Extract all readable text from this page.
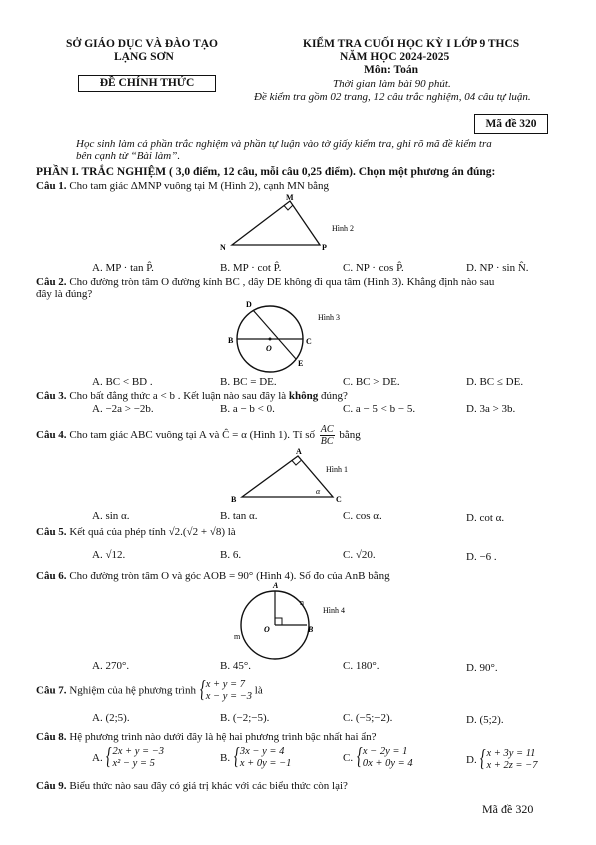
SỞ GIÁO DỤC VÀ ĐÀO TẠO
LẠNG SƠN
ĐỀ CHÍNH THỨC
KIỂM TRA CUỐI HỌC KỲ I LỚP 9 THCS
NĂM HỌC 2024-2025
Môn: Toán
Thời gian làm bài 90 phút.
Đề kiểm tra gồm 02 trang, 12 câu trắc nghiệm, 04 câu tự luận.
Mã đề 320
Học sinh làm cả phần trắc nghiệm và phần tự luận vào tờ giấy kiểm tra, ghi rõ mã đề kiểm tra
bên cạnh từ “Bài làm”.
PHẦN I. TRẮC NGHIỆM ( 3,0 điểm, 12 câu, mỗi câu 0,25 điểm). Chọn một phương án đúng:
Câu 1. Cho tam giác ΔMNP vuông tại M (Hình 2), cạnh MN bằng
M
N	P
Hình 2
A. MP · tan P̂.	B. MP · cot P̂.	C. NP · cos P̂.	D. NP · sin N̂.
Câu 2. Cho đường tròn tâm O đường kính BC , dây DE không đi qua tâm (Hình 3). Khẳng định nào sau
đây là đúng?
D
B
O
C
E
Hình 3
A. BC < BD .	B. BC = DE.	C. BC > DE.	D. BC ≤ DE.
Câu 3. Cho bất đẳng thức a < b . Kết luận nào sau đây là không đúng?
A. −2a > −2b.	B. a − b < 0.	C. a − 5 < b − 5.	D. 3a > 3b.
Câu 4. Cho tam giác ABC vuông tại A và Ĉ = α (Hình 1). Tỉ số $\frac{AC}{BC}$ bằng
A
B	C
α
Hình 1
A. sin α.	B. tan α.	C. cos α.	D. cot α.
Câu 5. Kết quả của phép tính √2.(√2 + √8) là
A. √12.	B. 6.	C. √20.	D. −6 .
Câu 6. Cho đường tròn tâm O và góc AOB = 90° (Hình 4). Số đo của AnB bằng
A
O	B
n
m
Hình 4
A. 270°.	B. 45°.	C. 180°.	D. 90°.
Câu 7. Nghiệm của hệ phương trình
{ x + y = 7
x − y = −3 là
A. (2;5).	B. (−2;−5).	C. (−5;−2).	D. (5;2).
Câu 8. Hệ phương trình nào dưới đây là hệ hai phương trình bậc nhất hai ẩn?
A.
{ 2x + y = −3
x² − y = 5	B.
{ 3x − y = 4
x + 0y = −1	C.
{ x − 2y = 1
0x + 0y = 4	D.
{ x + 3y = 11
x + 2z = −7
Câu 9. Biểu thức nào sau đây có giá trị khác với các biểu thức còn lại?
Mã đề 320
